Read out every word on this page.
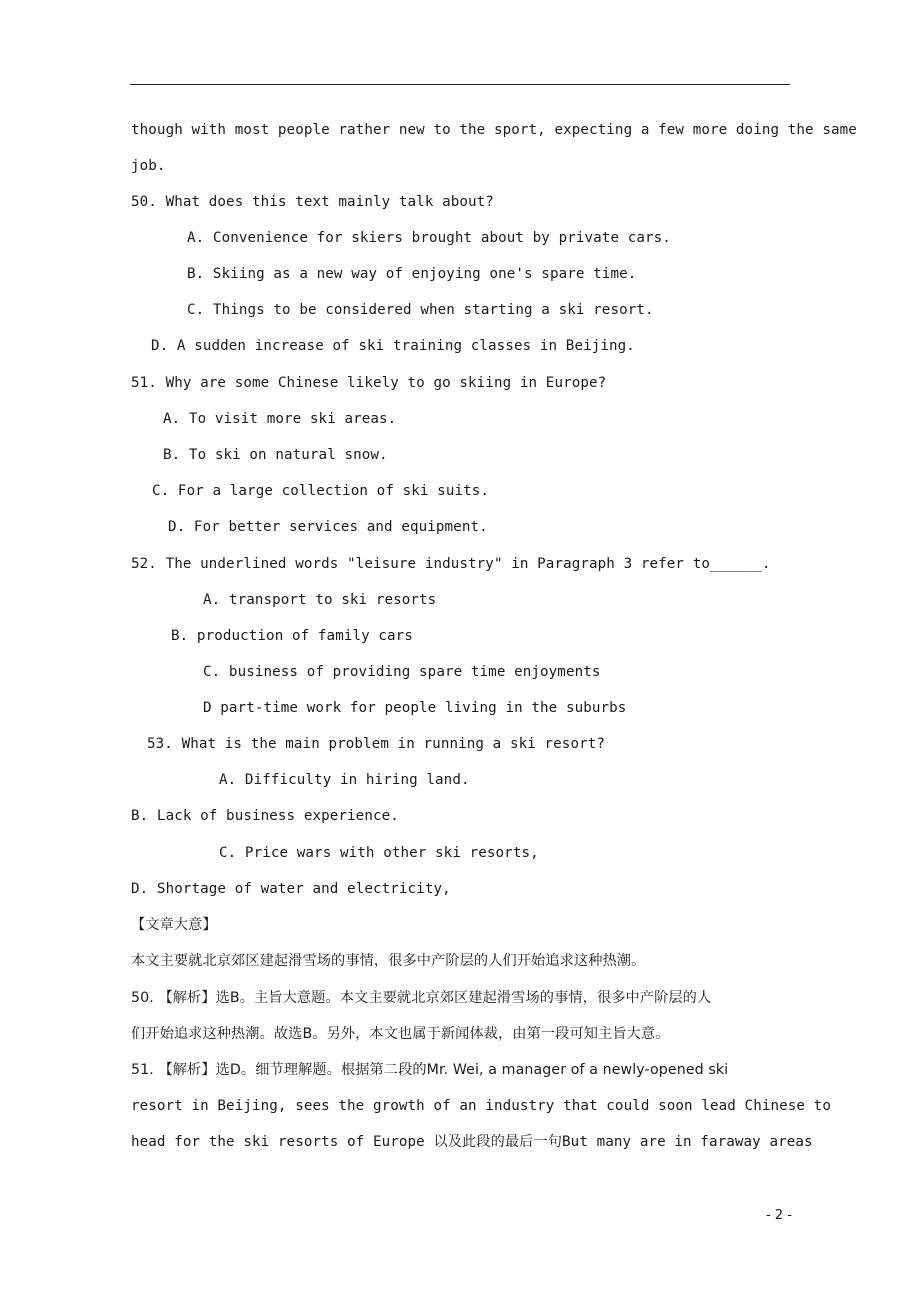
though with most people rather new to the sport, expecting a few more doing the same
job.
50. What does this text mainly talk about?
A. Convenience for skiers brought about by private cars.
B. Skiing as a new way of enjoying one's spare time.
C. Things to be considered when starting a ski resort.
D. A sudden increase of ski training classes in Beijing.
51. Why are some Chinese likely to go skiing in Europe?
A. To visit more ski areas.
B. To ski on natural snow.
C. For a large collection of ski suits.
D. For better services and equipment.
52. The underlined words "leisure industry" in Paragraph 3 refer to______.
A. transport to ski resorts
B. production of family cars
C. business of providing spare time enjoyments
D part-time work for people living in the suburbs
53. What is the main problem in running a ski resort?
A. Difficulty in hiring land.
B. Lack of business experience.
C. Price wars with other ski resorts,
D. Shortage of water and electricity,
【文章大意】
本文主要就北京郊区建起滑雪场的事情，很多中产阶层的人们开始追求这种热潮。
50. 【解析】选B。主旨大意题。本文主要就北京郊区建起滑雪场的事情，很多中产阶层的人
们开始追求这种热潮。故选B。另外，本文也属于新闻体裁，由第一段可知主旨大意。
51. 【解析】选D。细节理解题。根据第二段的Mr. Wei, a manager of a newly-opened ski
resort in Beijing, sees the growth of an industry that could soon lead Chinese to
head for the ski resorts of Europe 以及此段的最后一句But many are in faraway areas
- 2 -
